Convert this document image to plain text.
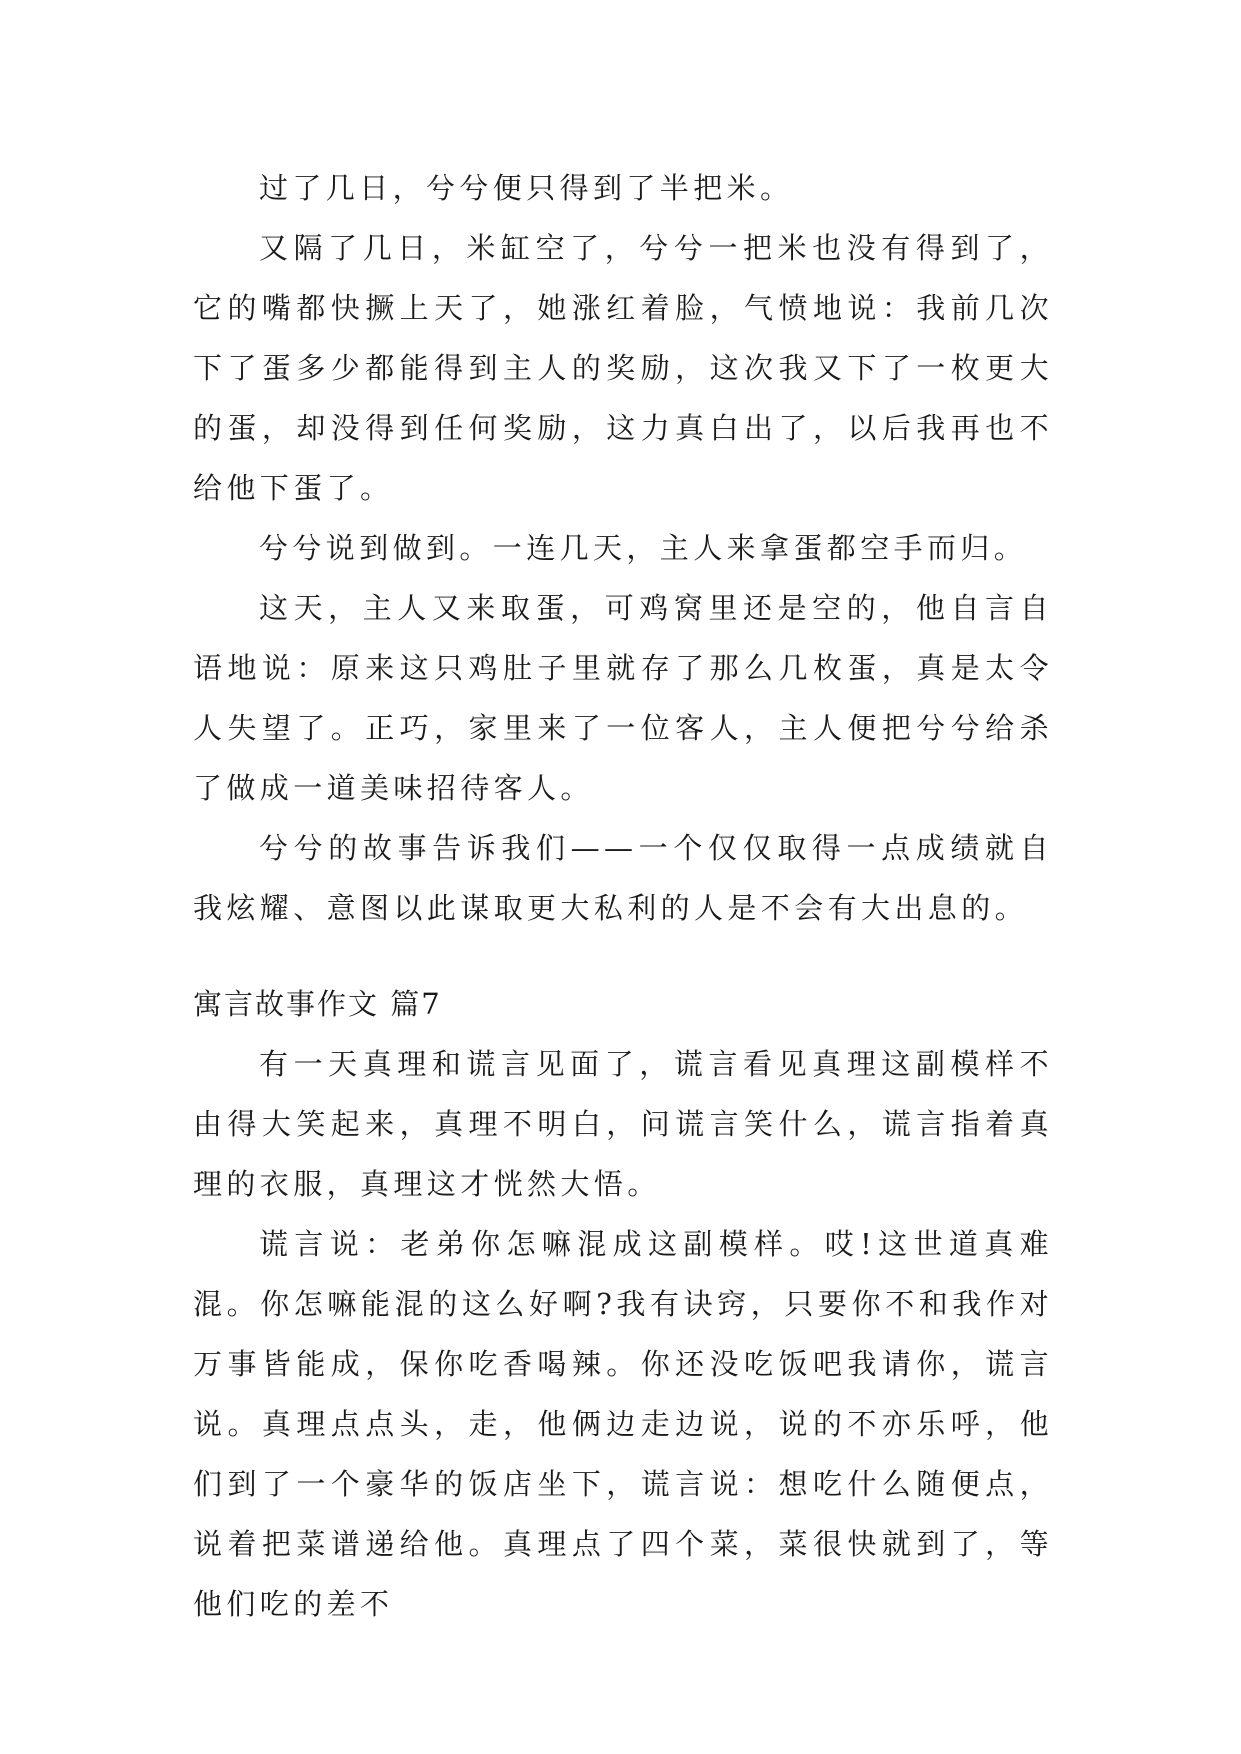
过了几日，兮兮便只得到了半把米。

又隔了几日，米缸空了，兮兮一把米也没有得到了，它的嘴都快撅上天了，她涨红着脸，气愤地说：我前几次下了蛋多少都能得到主人的奖励，这次我又下了一枚更大的蛋，却没得到任何奖励，这力真白出了，以后我再也不给他下蛋了。

兮兮说到做到。一连几天，主人来拿蛋都空手而归。

这天，主人又来取蛋，可鸡窝里还是空的，他自言自语地说：原来这只鸡肚子里就存了那么几枚蛋，真是太令人失望了。正巧，家里来了一位客人，主人便把兮兮给杀了做成一道美味招待客人。

兮兮的故事告诉我们——一个仅仅取得一点成绩就自我炫耀、意图以此谋取更大私利的人是不会有大出息的。

寓言故事作文 篇7

有一天真理和谎言见面了，谎言看见真理这副模样不由得大笑起来，真理不明白，问谎言笑什么，谎言指着真理的衣服，真理这才恍然大悟。

谎言说：老弟你怎嘛混成这副模样。哎!这世道真难混。你怎嘛能混的这么好啊?我有诀窍，只要你不和我作对万事皆能成，保你吃香喝辣。你还没吃饭吧我请你，谎言说。真理点点头，走，他俩边走边说，说的不亦乐呼，他们到了一个豪华的饭店坐下，谎言说：想吃什么随便点，说着把菜谱递给他。真理点了四个菜，菜很快就到了，等他们吃的差不
